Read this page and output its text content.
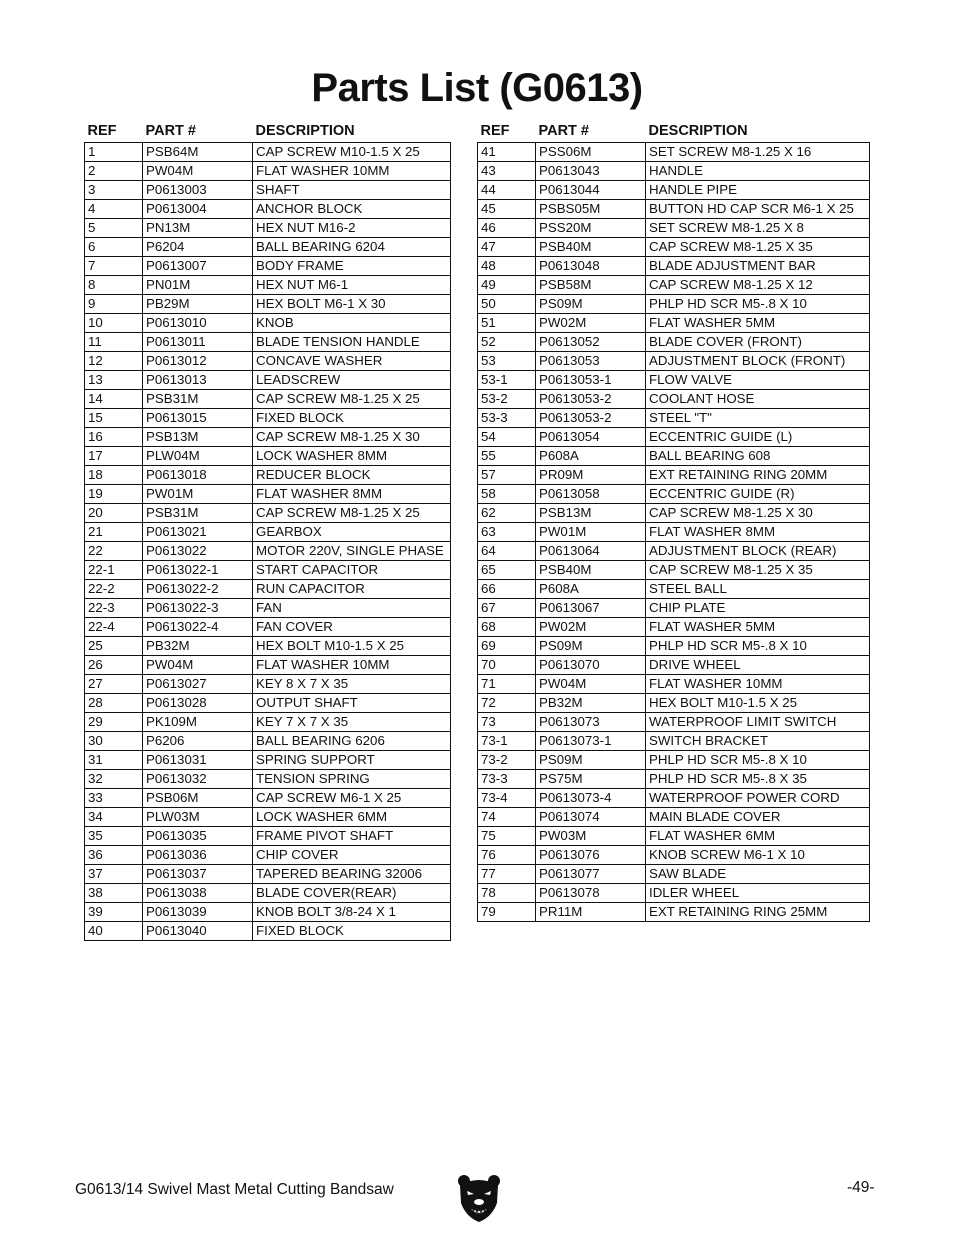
Parts List (G0613)
REF	PART #	DESCRIPTION
1	PSB64M	CAP SCREW M10-1.5 X 25
2	PW04M	FLAT WASHER 10MM
3	P0613003	SHAFT
4	P0613004	ANCHOR BLOCK
5	PN13M	HEX NUT M16-2
6	P6204	BALL BEARING 6204
7	P0613007	BODY FRAME
8	PN01M	HEX NUT M6-1
9	PB29M	HEX BOLT M6-1 X 30
10	P0613010	KNOB
11	P0613011	BLADE TENSION HANDLE
12	P0613012	CONCAVE WASHER
13	P0613013	LEADSCREW
14	PSB31M	CAP SCREW M8-1.25 X 25
15	P0613015	FIXED BLOCK
16	PSB13M	CAP SCREW M8-1.25 X 30
17	PLW04M	LOCK WASHER 8MM
18	P0613018	REDUCER BLOCK
19	PW01M	FLAT WASHER 8MM
20	PSB31M	CAP SCREW M8-1.25 X 25
21	P0613021	GEARBOX
22	P0613022	MOTOR 220V, SINGLE PHASE
22-1	P0613022-1	START CAPACITOR
22-2	P0613022-2	RUN CAPACITOR
22-3	P0613022-3	FAN
22-4	P0613022-4	FAN COVER
25	PB32M	HEX BOLT M10-1.5 X 25
26	PW04M	FLAT WASHER 10MM
27	P0613027	KEY 8 X 7 X 35
28	P0613028	OUTPUT SHAFT
29	PK109M	KEY 7 X 7 X 35
30	P6206	BALL BEARING 6206
31	P0613031	SPRING SUPPORT
32	P0613032	TENSION SPRING
33	PSB06M	CAP SCREW M6-1 X 25
34	PLW03M	LOCK WASHER 6MM
35	P0613035	FRAME PIVOT SHAFT
36	P0613036	CHIP COVER
37	P0613037	TAPERED BEARING 32006
38	P0613038	BLADE COVER(REAR)
39	P0613039	KNOB BOLT 3/8-24 X 1
40	P0613040	FIXED BLOCK
REF	PART #	DESCRIPTION
41	PSS06M	SET SCREW M8-1.25 X 16
43	P0613043	HANDLE
44	P0613044	HANDLE PIPE
45	PSBS05M	BUTTON HD CAP SCR M6-1 X 25
46	PSS20M	SET SCREW M8-1.25 X 8
47	PSB40M	CAP SCREW M8-1.25 X 35
48	P0613048	BLADE ADJUSTMENT BAR
49	PSB58M	CAP SCREW M8-1.25 X 12
50	PS09M	PHLP HD SCR M5-.8 X 10
51	PW02M	FLAT WASHER 5MM
52	P0613052	BLADE COVER (FRONT)
53	P0613053	ADJUSTMENT BLOCK (FRONT)
53-1	P0613053-1	FLOW VALVE
53-2	P0613053-2	COOLANT HOSE
53-3	P0613053-2	STEEL "T"
54	P0613054	ECCENTRIC GUIDE (L)
55	P608A	BALL BEARING 608
57	PR09M	EXT RETAINING RING 20MM
58	P0613058	ECCENTRIC GUIDE (R)
62	PSB13M	CAP SCREW M8-1.25 X 30
63	PW01M	FLAT WASHER 8MM
64	P0613064	ADJUSTMENT BLOCK (REAR)
65	PSB40M	CAP SCREW M8-1.25 X 35
66	P608A	STEEL BALL
67	P0613067	CHIP PLATE
68	PW02M	FLAT WASHER 5MM
69	PS09M	PHLP HD SCR M5-.8 X 10
70	P0613070	DRIVE WHEEL
71	PW04M	FLAT WASHER 10MM
72	PB32M	HEX BOLT M10-1.5 X 25
73	P0613073	WATERPROOF LIMIT SWITCH
73-1	P0613073-1	SWITCH BRACKET
73-2	PS09M	PHLP HD SCR M5-.8 X 10
73-3	PS75M	PHLP HD SCR M5-.8 X 35
73-4	P0613073-4	WATERPROOF POWER CORD
74	P0613074	MAIN BLADE COVER
75	PW03M	FLAT WASHER 6MM
76	P0613076	KNOB SCREW M6-1 X 10
77	P0613077	SAW BLADE
78	P0613078	IDLER WHEEL
79	PR11M	EXT RETAINING RING 25MM
G0613/14 Swivel Mast Metal Cutting Bandsaw	-49-
